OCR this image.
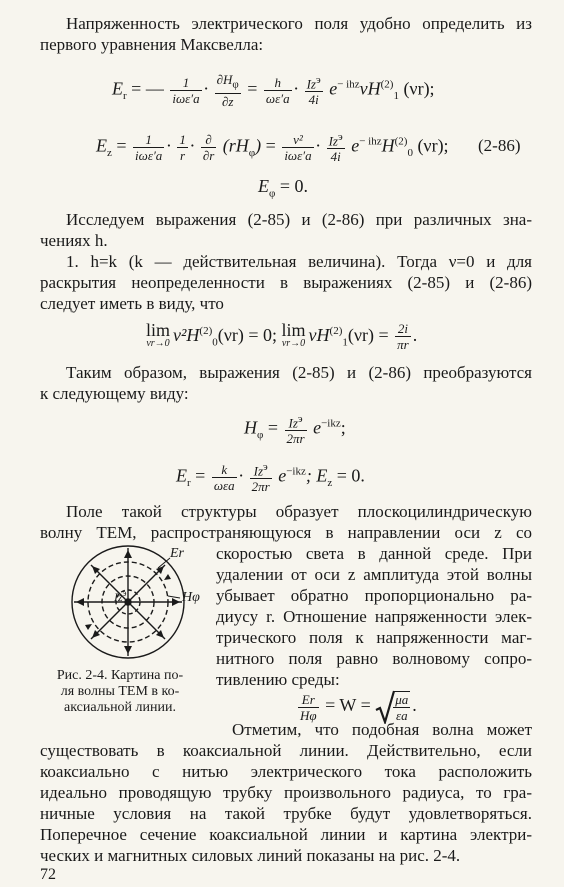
Напряженность электрического поля удобно определить из
первого уравнения Максвелла:
$E_r$ = — $\frac{1}{\text{iωε′a}} \cdot \frac{\partial H_\varphi}{\partial z} = \frac{h}{\omega\varepsilon'a} \cdot \frac{Iz^э}{4i} e^{- ihz}\nu H^{(2)}_1$ (νr);
$E_z = \frac{1}{\text{iωε′a}} \cdot \frac{1}{r} \cdot \frac{\partial}{\partial r} (rH_\varphi) = \frac{\text{ν²}}{\text{iωε′a}} \cdot \frac{Iz^э}{4i} e^{- ihz}H^{(2)}_0$ (νr); (2-86)
$E_\varphi = 0$.
Исследуем выражения (2-85) и (2-86) при различных зна-
чениях h.
1. h=k (k — действительная величина). Тогда ν=0 и для
раскрытия неопределенности в выражениях (2-85) и (2-86)
следует иметь в виду, что
lim
νr→0 $\nu^2H^{(2)}_0(\nu r) = 0$; lim
νr→0 $\nu H^{(2)}_1(\nu r) = \frac{2i}{\pi r}$ .
Таким образом, выражения (2-85) и (2-86) преобразуются
к следующему виду:
$H_\varphi = \frac{Iz^э}{2\pi r} e^{-ikz}$;
$E_r = \frac{k}{\text{ωεa}} \cdot \frac{Iz^э}{2\pi r} e^{-ikz}$; $E_z = 0$.
Поле такой структуры образует плоскоцилиндрическую
волну ТЕМ, распространяющуюся в направлении оси z со
Er
Hφ
$Iz^э$
Рис. 2-4. Картина по-
ля волны ТЕМ в ко-
аксиальной линии.
скоростью света в данной среде. При
удалении от оси z амплитуда этой волны
убывает обратно пропорционально ра-
диусу r. Отношение напряженности элек-
трического поля к напряженности маг-
нитного поля равно волновому сопро-
тивлению среды:
$\frac{Er}{H\varphi} = W = \frac{\mu a}{\varepsilon a}$ .
Отметим, что подобная волна может
существовать в коаксиальной линии. Действительно, если
коаксиально с нитью электрического тока расположить
идеально проводящую трубку произвольного радиуса, то гра-
ничные условия на такой трубке будут удовлетворяться.
Поперечное сечение коаксиальной линии и картина электри-
ческих и магнитных силовых линий показаны на рис. 2-4.
72
